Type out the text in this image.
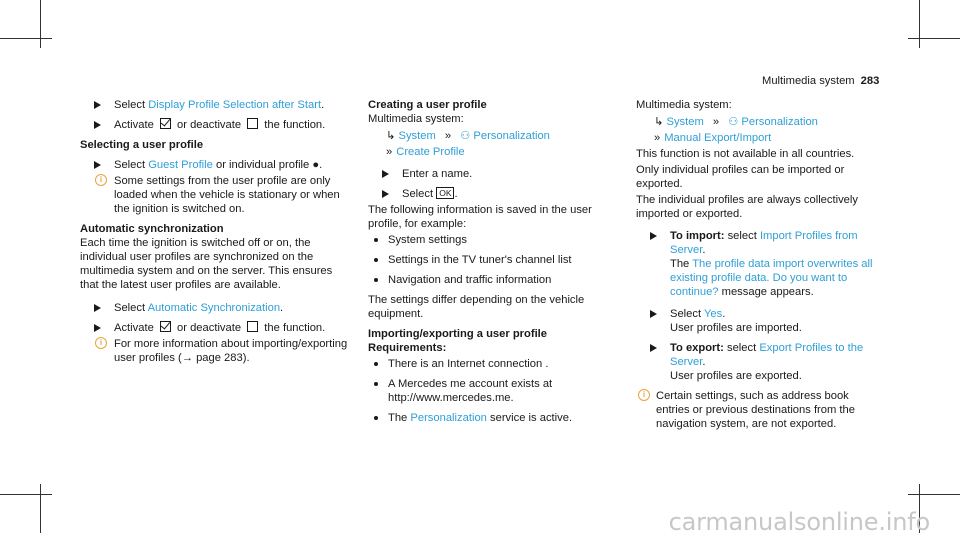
Multimedia system 283
Select Display Profile Selection after Start.
Activate  or deactivate  the function.

Selecting a user profile

Select Guest Profile or individual profile ●.
i	Some settings from the user profile are only loaded when the vehicle is stationary or when the ignition is switched on.

Automatic synchronization

Each time the ignition is switched off or on, the individual user profiles are synchronized on the multimedia system and on the server. This ensures that the latest user profiles are available.

Select Automatic Synchronization.
Activate  or deactivate  the function.
i	For more information about importing/exporting user profiles (→ page 283).

Creating a user profile

Multimedia system:

↳ System » ⚇ Personalization

» Create Profile

Enter a name.
Select OK .

The following information is saved in the user profile, for example:

System settings
Settings in the TV tuner's channel list
Navigation and traffic information

The settings differ depending on the vehicle equipment.

Importing/exporting a user profile

Requirements:

There is an Internet connection .
A Mercedes me account exists at http://www.mercedes.me.
The Personalization service is active.

Multimedia system:

↳ System » ⚇ Personalization

» Manual Export/Import

This function is not available in all countries.

Only individual profiles can be imported or exported.

The individual profiles are always collectively imported or exported.

To import: select Import Profiles from Server.
The The profile data import overwrites all existing profile data. Do you want to continue? message appears.
Select Yes.
User profiles are imported.
To export: select Export Profiles to the Server.
User profiles are exported.
i Certain settings, such as address book entries or previous destinations from the navigation system, are not exported.
carmanualsonline.info
